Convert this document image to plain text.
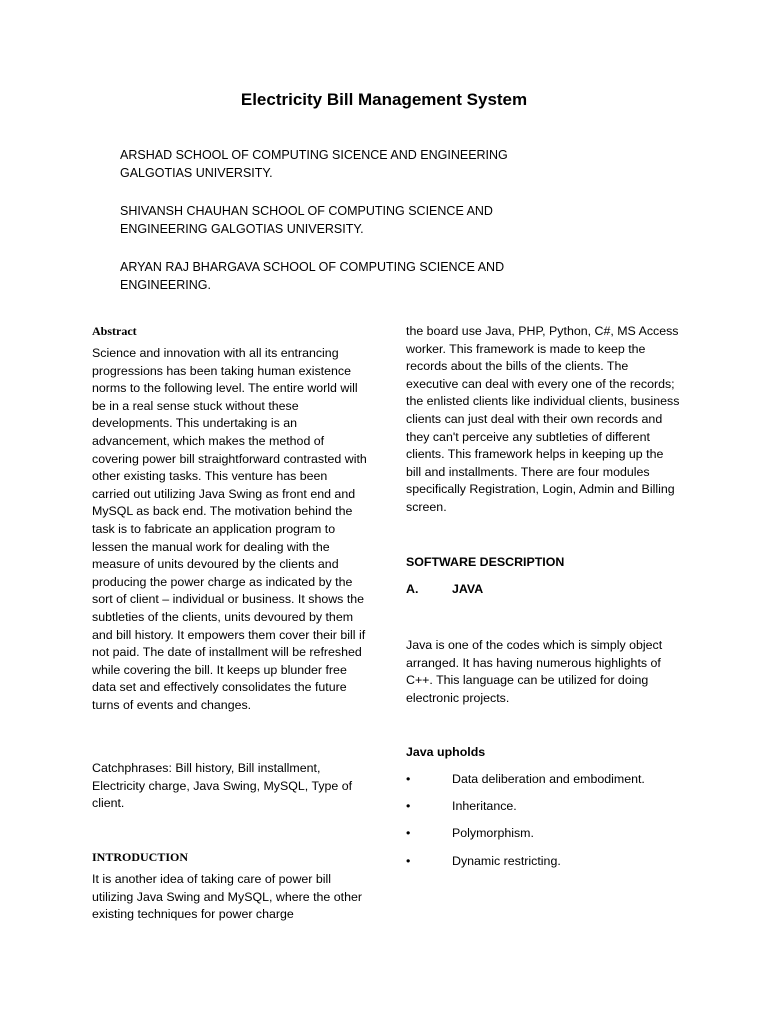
Electricity Bill Management System
ARSHAD SCHOOL OF COMPUTING SICENCE AND ENGINEERING GALGOTIAS UNIVERSITY.
SHIVANSH CHAUHAN SCHOOL OF COMPUTING SCIENCE AND ENGINEERING GALGOTIAS UNIVERSITY.
ARYAN RAJ BHARGAVA SCHOOL OF COMPUTING SCIENCE AND ENGINEERING.
Abstract
Science and innovation with all its entrancing progressions has been taking human existence norms to the following level. The entire world will be in a real sense stuck without these developments. This undertaking is an advancement, which makes the method of covering power bill straightforward contrasted with other existing tasks. This venture has been carried out utilizing Java Swing as front end and MySQL as back end. The motivation behind the task is to fabricate an application program to lessen the manual work for dealing with the measure of units devoured by the clients and producing the power charge as indicated by the sort of client – individual or business. It shows the subtleties of the clients, units devoured by them and bill history. It empowers them cover their bill if not paid. The date of installment will be refreshed while covering the bill. It keeps up blunder free data set and effectively consolidates the future turns of events and changes.
Catchphrases: Bill history, Bill installment, Electricity charge, Java Swing, MySQL, Type of client.
INTRODUCTION
It is another idea of taking care of power bill utilizing Java Swing and MySQL, where the other existing techniques for power charge
the board use Java, PHP, Python, C#, MS Access worker. This framework is made to keep the records about the bills of the clients. The executive can deal with every one of the records; the enlisted clients like individual clients, business clients can just deal with their own records and they can't perceive any subtleties of different clients. This framework helps in keeping up the bill and installments. There are four modules specifically Registration, Login, Admin and Billing screen.
SOFTWARE DESCRIPTION
A.	JAVA
Java is one of the codes which is simply object arranged. It has having numerous highlights of C++. This language can be utilized for doing electronic projects.
Java upholds
•	Data deliberation and embodiment.
•	Inheritance.
•	Polymorphism.
•	Dynamic restricting.
